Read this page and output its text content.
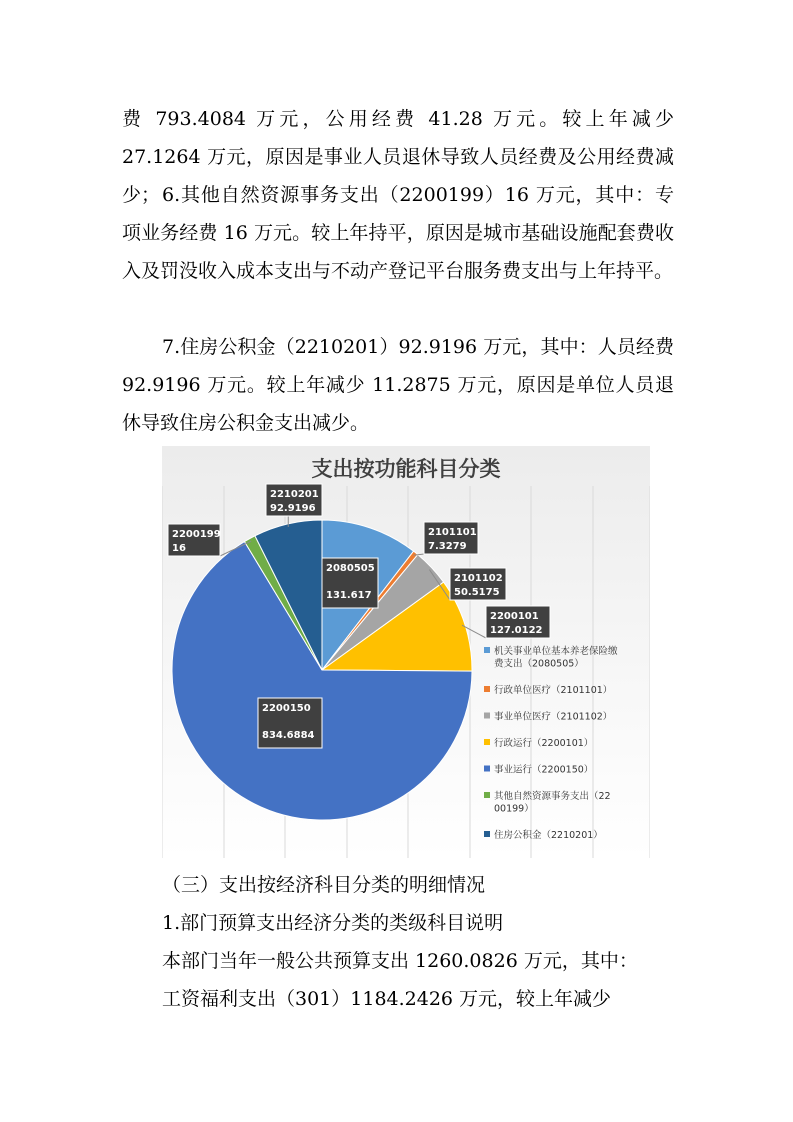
费 793.4084 万元，公用经费 41.28 万元。较上年减少 27.1264 万元，原因是事业人员退休导致人员经费及公用经费减少； 6.其他自然资源事务支出（2200199）16 万元，其中：专项业务经费 16 万元。较上年持平，原因是城市基础设施配套费收入及罚没收入成本支出与不动产登记平台服务费支出与上年持平。

7.住房公积金（2210201）92.9196 万元，其中：人员经费 92.9196 万元。较上年减少 11.2875 万元，原因是单位人员退休导致住房公积金支出减少。

支出按功能科目分类
2080505
131.617
2101101
7.3279
2101102
50.5175
2200101
127.0122
2200150
834.6884
2200199
16
2210201
92.9196
机关事业单位基本养老保险缴费支出（2080505）
行政单位医疗（2101101）
事业单位医疗（2101102）
行政运行（2200101）
事业运行（2200150）
其他自然资源事务支出（22 00199）
住房公积金（2210201）

（三）支出按经济科目分类的明细情况

1.部门预算支出经济分类的类级科目说明

本部门当年一般公共预算支出 1260.0826 万元，其中：

工资福利支出（301）1184.2426 万元，较上年减少
